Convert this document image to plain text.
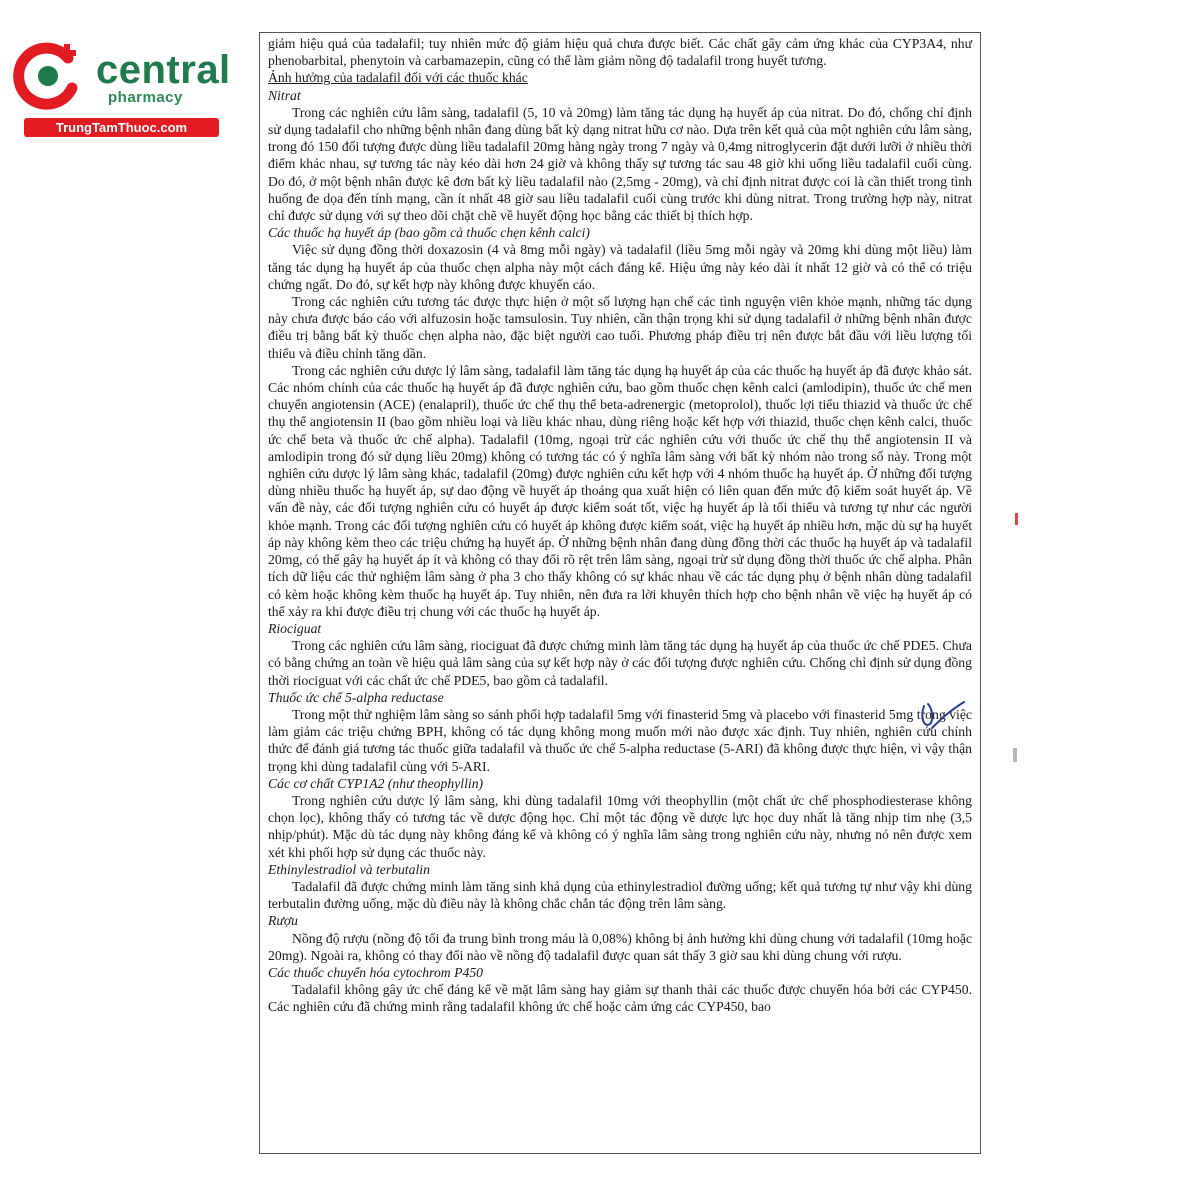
central
pharmacy
TrungTamThuoc.com

giảm hiệu quả của tadalafil; tuy nhiên mức độ giảm hiệu quả chưa được biết. Các chất gây cảm ứng khác của CYP3A4, như phenobarbital, phenytoin và carbamazepin, cũng có thể làm giảm nồng độ tadalafil trong huyết tương.

Ảnh hưởng của tadalafil đối với các thuốc khác

Nitrat

Trong các nghiên cứu lâm sàng, tadalafil (5, 10 và 20mg) làm tăng tác dụng hạ huyết áp của nitrat. Do đó, chống chỉ định sử dụng tadalafil cho những bệnh nhân đang dùng bất kỳ dạng nitrat hữu cơ nào. Dựa trên kết quả của một nghiên cứu lâm sàng, trong đó 150 đối tượng được dùng liều tadalafil 20mg hàng ngày trong 7 ngày và 0,4mg nitroglycerin đặt dưới lưỡi ở nhiều thời điểm khác nhau, sự tương tác này kéo dài hơn 24 giờ và không thấy sự tương tác sau 48 giờ khi uống liều tadalafil cuối cùng. Do đó, ở một bệnh nhân được kê đơn bất kỳ liều tadalafil nào (2,5mg - 20mg), và chỉ định nitrat được coi là cần thiết trong tình huống đe dọa đến tính mạng, cần ít nhất 48 giờ sau liều tadalafil cuối cùng trước khi dùng nitrat. Trong trường hợp này, nitrat chỉ được sử dụng với sự theo dõi chặt chẽ về huyết động học bằng các thiết bị thích hợp.

Các thuốc hạ huyết áp (bao gồm cả thuốc chẹn kênh calci)

Việc sử dụng đồng thời doxazosin (4 và 8mg mỗi ngày) và tadalafil (liều 5mg mỗi ngày và 20mg khi dùng một liều) làm tăng tác dụng hạ huyết áp của thuốc chẹn alpha này một cách đáng kể. Hiệu ứng này kéo dài ít nhất 12 giờ và có thể có triệu chứng ngất. Do đó, sự kết hợp này không được khuyến cáo.

Trong các nghiên cứu tương tác được thực hiện ở một số lượng hạn chế các tình nguyện viên khỏe mạnh, những tác dụng này chưa được báo cáo với alfuzosin hoặc tamsulosin. Tuy nhiên, cần thận trọng khi sử dụng tadalafil ở những bệnh nhân được điều trị bằng bất kỳ thuốc chẹn alpha nào, đặc biệt người cao tuổi. Phương pháp điều trị nên được bắt đầu với liều lượng tối thiểu và điều chỉnh tăng dần.

Trong các nghiên cứu dược lý lâm sàng, tadalafil làm tăng tác dụng hạ huyết áp của các thuốc hạ huyết áp đã được khảo sát. Các nhóm chính của các thuốc hạ huyết áp đã được nghiên cứu, bao gồm thuốc chẹn kênh calci (amlodipin), thuốc ức chế men chuyển angiotensin (ACE) (enalapril), thuốc ức chế thụ thể beta-adrenergic (metoprolol), thuốc lợi tiểu thiazid và thuốc ức chế thụ thể angiotensin II (bao gồm nhiều loại và liều khác nhau, dùng riêng hoặc kết hợp với thiazid, thuốc chẹn kênh calci, thuốc ức chế beta và thuốc ức chế alpha). Tadalafil (10mg, ngoại trừ các nghiên cứu với thuốc ức chế thụ thể angiotensin II và amlodipin trong đó sử dụng liều 20mg) không có tương tác có ý nghĩa lâm sàng với bất kỳ nhóm nào trong số này. Trong một nghiên cứu dược lý lâm sàng khác, tadalafil (20mg) được nghiên cứu kết hợp với 4 nhóm thuốc hạ huyết áp. Ở những đối tượng dùng nhiều thuốc hạ huyết áp, sự dao động về huyết áp thoáng qua xuất hiện có liên quan đến mức độ kiểm soát huyết áp. Về vấn đề này, các đối tượng nghiên cứu có huyết áp được kiểm soát tốt, việc hạ huyết áp là tối thiểu và tương tự như các người khỏe mạnh. Trong các đối tượng nghiên cứu có huyết áp không được kiểm soát, việc hạ huyết áp nhiều hơn, mặc dù sự hạ huyết áp này không kèm theo các triệu chứng hạ huyết áp. Ở những bệnh nhân đang dùng đồng thời các thuốc hạ huyết áp và tadalafil 20mg, có thể gây hạ huyết áp ít và không có thay đổi rõ rệt trên lâm sàng, ngoại trừ sử dụng đồng thời thuốc ức chế alpha. Phân tích dữ liệu các thử nghiệm lâm sàng ở pha 3 cho thấy không có sự khác nhau về các tác dụng phụ ở bệnh nhân dùng tadalafil có kèm hoặc không kèm thuốc hạ huyết áp. Tuy nhiên, nên đưa ra lời khuyên thích hợp cho bệnh nhân về việc hạ huyết áp có thể xảy ra khi được điều trị chung với các thuốc hạ huyết áp.

Riociguat

Trong các nghiên cứu lâm sàng, riociguat đã được chứng minh làm tăng tác dụng hạ huyết áp của thuốc ức chế PDE5. Chưa có bằng chứng an toàn về hiệu quả lâm sàng của sự kết hợp này ở các đối tượng được nghiên cứu. Chống chỉ định sử dụng đồng thời riociguat với các chất ức chế PDE5, bao gồm cả tadalafil.

Thuốc ức chế 5-alpha reductase

Trong một thử nghiệm lâm sàng so sánh phối hợp tadalafil 5mg với finasterid 5mg và placebo với finasterid 5mg trong việc làm giảm các triệu chứng BPH, không có tác dụng không mong muốn mới nào được xác định. Tuy nhiên, nghiên cứu chính thức để đánh giá tương tác thuốc giữa tadalafil và thuốc ức chế 5-alpha reductase (5-ARI) đã không được thực hiện, vì vậy thận trọng khi dùng tadalafil cùng với 5-ARI.

Các cơ chất CYP1A2 (như theophyllin)

Trong nghiên cứu dược lý lâm sàng, khi dùng tadalafil 10mg với theophyllin (một chất ức chế phosphodiesterase không chọn lọc), không thấy có tương tác về dược động học. Chỉ một tác động về dược lực học duy nhất là tăng nhịp tim nhẹ (3,5 nhịp/phút). Mặc dù tác dụng này không đáng kể và không có ý nghĩa lâm sàng trong nghiên cứu này, nhưng nó nên được xem xét khi phối hợp sử dụng các thuốc này.

Ethinylestradiol và terbutalin

Tadalafil đã được chứng minh làm tăng sinh khả dụng của ethinylestradiol đường uống; kết quả tương tự như vậy khi dùng terbutalin đường uống, mặc dù điều này là không chắc chắn tác động trên lâm sàng.

Rượu

Nồng độ rượu (nồng độ tối đa trung bình trong máu là 0,08%) không bị ảnh hưởng khi dùng chung với tadalafil (10mg hoặc 20mg). Ngoài ra, không có thay đổi nào về nồng độ tadalafil được quan sát thấy 3 giờ sau khi dùng chung với rượu.

Các thuốc chuyển hóa cytochrom P450

Tadalafil không gây ức chế đáng kể về mặt lâm sàng hay giảm sự thanh thải các thuốc được chuyển hóa bởi các CYP450. Các nghiên cứu đã chứng minh rằng tadalafil không ức chế hoặc cảm ứng các CYP450, bao
